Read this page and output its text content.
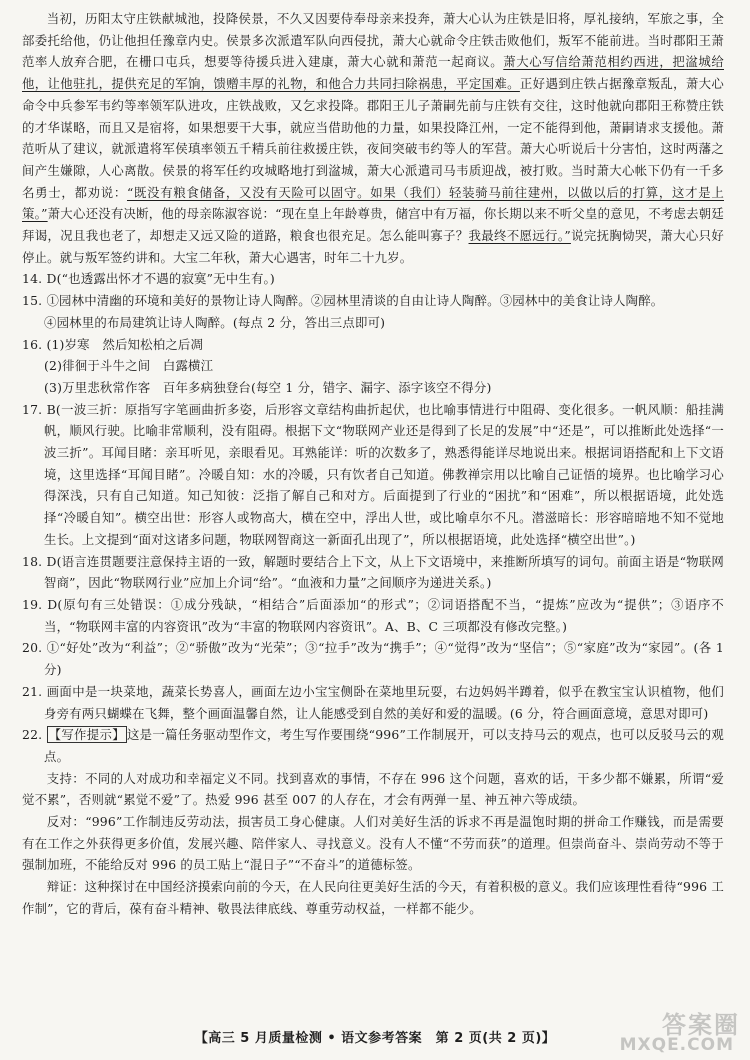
当初，历阳太守庄铁献城池，投降侯景，不久又因要侍奉母亲来投奔，萧大心认为庄铁是旧将，厚礼接纳，军旅之事，全部委托给他，仍让他担任豫章内史。侯景多次派遣军队向西侵扰，萧大心就命令庄铁击败他们，叛军不能前进。当时郡阳王萧范率人放弃合肥，在栅口屯兵，想要等待援兵进入建康，萧大心就和萧范一起商议。萧大心写信给萧范相约西进，把湓城给他，让他驻扎，提供充足的军饷，馈赠丰厚的礼物，和他合力共同扫除祸患，平定国难。正好遇到庄铁占据豫章叛乱，萧大心命令中兵参军韦约等率领军队进攻，庄铁战败，又乞求投降。郡阳王儿子萧嗣先前与庄铁有交往，这时他就向郡阳王称赞庄铁的才华谋略，而且又是宿将，如果想要干大事，就应当借助他的力量，如果投降江州，一定不能得到他，萧嗣请求支援他。萧范听从了建议，就派遣将军侯瑱率领五千精兵前往救援庄铁，夜间突破韦约等人的军营。萧大心听说后十分害怕，这时两藩之间产生嫌隙，人心离散。侯景的将军任约攻城略地打到湓城，萧大心派遣司马韦质迎战，被打败。当时萧大心帐下仍有一千多名勇士，都劝说：“既没有粮食储备，又没有天险可以固守。如果（我们）轻装骑马前往建州，以做以后的打算，这才是上策。”萧大心还没有决断，他的母亲陈淑容说：“现在皇上年龄尊贵，储宫中有万福，你长期以来不听父皇的意见，不考虑去朝廷拜谒，况且我也老了，却想走又远又险的道路，粮食也很充足。怎么能叫寡子？我最终不愿远行。”说完抚胸恸哭，萧大心只好停止。就与叛军签约讲和。大宝二年秋，萧大心遇害，时年二十九岁。

14. D(“也透露出怀才不遇的寂寞”无中生有。)

15. ①园林中清幽的环境和美好的景物让诗人陶醉。②园林里清谈的自由让诗人陶醉。③园林中的美食让诗人陶醉。

④园林里的布局建筑让诗人陶醉。(每点 2 分，答出三点即可)

16. (1)岁寒　然后知松柏之后凋

(2)徘徊于斗牛之间　白露横江

(3)万里悲秋常作客　百年多病独登台(每空 1 分，错字、漏字、添字该空不得分)

17. B(一波三折：原指写字笔画曲折多姿，后形容文章结构曲折起伏，也比喻事情进行中阻碍、变化很多。一帆风顺：船挂满帆，顺风行驶。比喻非常顺利，没有阻碍。根据下文“物联网产业还是得到了长足的发展”中“还是”，可以推断此处选择“一波三折”。耳闻目睹：亲耳听见，亲眼看见。耳熟能详：听的次数多了，熟悉得能详尽地说出来。根据词语搭配和上下文语境，这里选择“耳闻目睹”。冷暖自知：水的冷暖，只有饮者自己知道。佛教禅宗用以比喻自己证悟的境界。也比喻学习心得深浅，只有自己知道。知己知彼：泛指了解自己和对方。后面提到了行业的“困扰”和“困难”，所以根据语境，此处选择“冷暖自知”。横空出世：形容人或物高大，横在空中，浮出人世，或比喻卓尔不凡。潜滋暗长：形容暗暗地不知不觉地生长。上文提到“面对这诸多问题，物联网智商这一新面孔出现了”，所以根据语境，此处选择“横空出世”。)

18. D(语言连贯题要注意保持主语的一致，解题时要结合上下文，从上下文语境中，来推断所填写的词句。前面主语是“物联网智商”，因此“物联网行业”应加上介词“给”。“血液和力量”之间顺序为递进关系。)

19. D(原句有三处错误：①成分残缺，“相结合”后面添加“的形式”；②词语搭配不当，“提炼”应改为“提供”；③语序不当，“物联网丰富的内容资讯”改为“丰富的物联网内容资讯”。A、B、C 三项都没有修改完整。)

20. ①“好处”改为“利益”；②“骄傲”改为“光荣”；③“拉手”改为“携手”；④“觉得”改为“坚信”；⑤“家庭”改为“家园”。(各 1 分)

21. 画面中是一块菜地，蔬菜长势喜人，画面左边小宝宝侧卧在菜地里玩耍，右边妈妈半蹲着，似乎在教宝宝认识植物，他们身旁有两只蝴蝶在飞舞，整个画面温馨自然，让人能感受到自然的美好和爱的温暖。(6 分，符合画面意境，意思对即可)

22. 【写作提示】 这是一篇任务驱动型作文，考生写作要围绕“996”工作制展开，可以支持马云的观点，也可以反驳马云的观点。

支持：不同的人对成功和幸福定义不同。找到喜欢的事情，不存在 996 这个问题，喜欢的话，干多少都不嫌累，所谓“爱觉不累”，否则就“累觉不爱”了。热爱 996 甚至 007 的人存在，才会有两弹一星、神五神六等成绩。

反对：“996”工作制违反劳动法，损害员工身心健康。人们对美好生活的诉求不再是温饱时期的拼命工作赚钱，而是需要有在工作之外获得更多价值，发展兴趣、陪伴家人、寻找意义。没有人不懂“不劳而获”的道理。但崇尚奋斗、崇尚劳动不等于强制加班，不能给反对 996 的员工贴上“混日子”“不奋斗”的道德标签。

辩证：这种探讨在中国经济摸索向前的今天，在人民向往更美好生活的今天，有着积极的意义。我们应该理性看待“996 工作制”，它的背后，葆有奋斗精神、敬畏法律底线、尊重劳动权益，一样都不能少。

【高三 5 月质量检测 • 语文参考答案　第 2 页(共 2 页)】	答案圈
MXQE.COM
